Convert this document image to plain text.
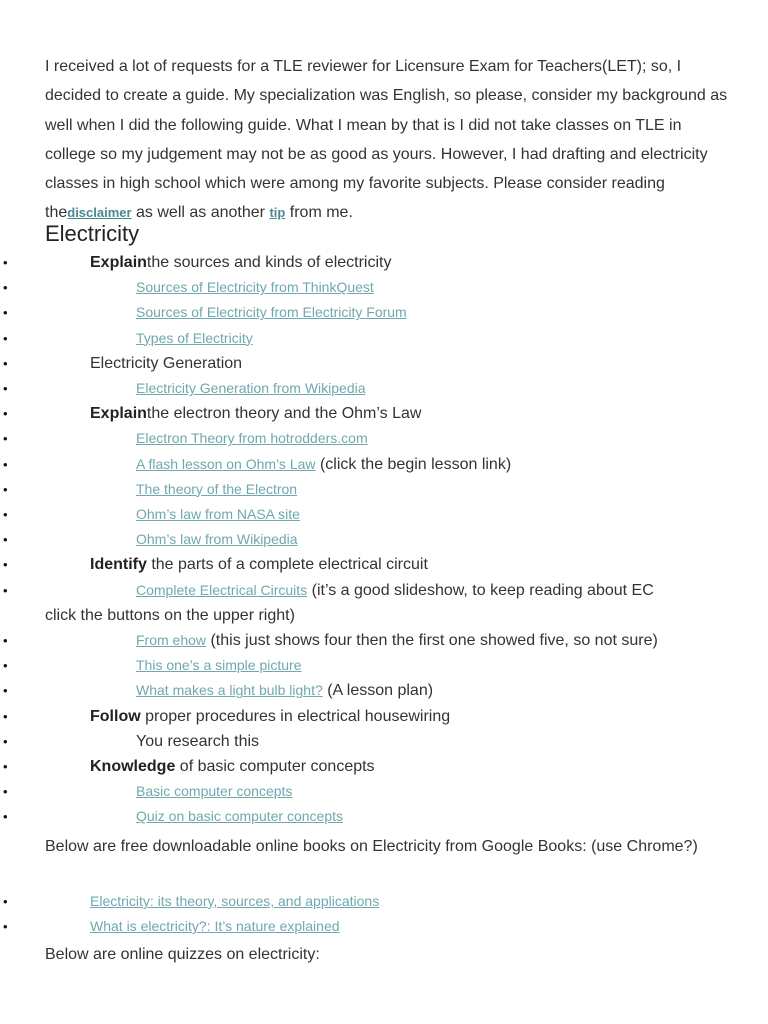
I received a lot of requests for a TLE reviewer for Licensure Exam for Teachers(LET); so, I decided to create a guide. My specialization was English, so please, consider my background as well when I did the following guide. What I mean by that is I did not take classes on TLE in college so my judgement may not be as good as yours. However, I had drafting and electricity classes in high school which were among my favorite subjects. Please consider reading thedisclaimer as well as another tip from me.

Electricity
• Explainthe sources and kinds of electricity
• Sources of Electricity from ThinkQuest
• Sources of Electricity from Electricity Forum
• Types of Electricity
• Electricity Generation
• Electricity Generation from Wikipedia
• Explainthe electron theory and the Ohm’s Law
• Electron Theory from hotrodders.com
• A flash lesson on Ohm’s Law (click the begin lesson link)
• The theory of the Electron
• Ohm’s law from NASA site
• Ohm’s law from Wikipedia
• Identify the parts of a complete electrical circuit
• Complete Electrical Circuits (it’s a good slideshow, to keep reading about EC
click the buttons on the upper right)
• From ehow (this just shows four then the first one showed five, so not sure)
• This one’s a simple picture
• What makes a light bulb light? (A lesson plan)
• Follow proper procedures in electrical housewiring
• You research this
• Knowledge of basic computer concepts
• Basic computer concepts
• Quiz on basic computer concepts

Below are free downloadable online books on Electricity from Google Books: (use Chrome?)

• Electricity: its theory, sources, and applications
• What is electricity?: It’s nature explained

Below are online quizzes on electricity:
